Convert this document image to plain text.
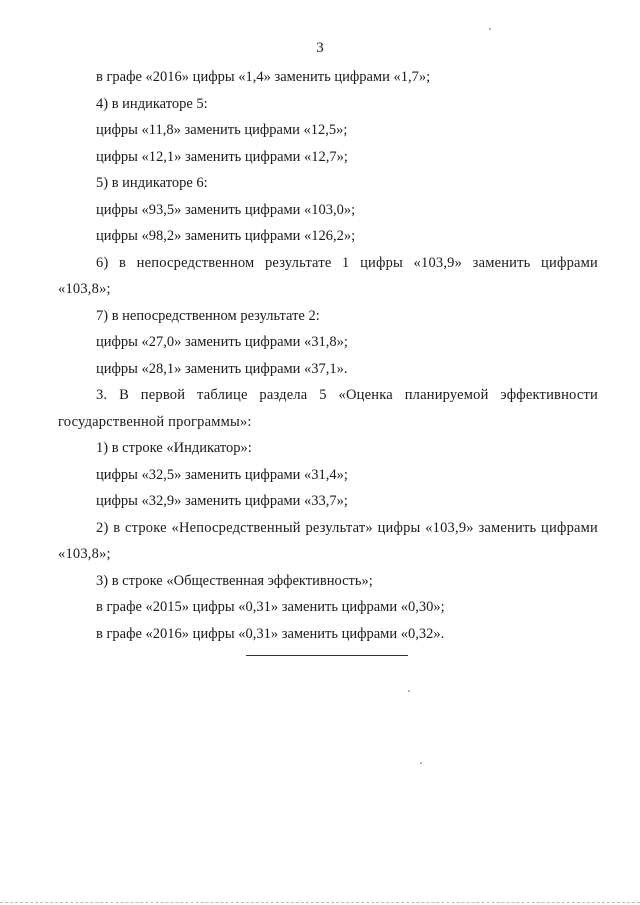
3

в графе «2016» цифры «1,4» заменить цифрами «1,7»;

4) в индикаторе 5:

цифры «11,8» заменить цифрами «12,5»;

цифры «12,1» заменить цифрами «12,7»;

5) в индикаторе 6:

цифры «93,5» заменить цифрами «103,0»;

цифры «98,2» заменить цифрами «126,2»;

6) в непосредственном результате 1 цифры «103,9» заменить цифрами «103,8»;

7) в непосредственном результате 2:

цифры «27,0» заменить цифрами «31,8»;

цифры «28,1» заменить цифрами «37,1».

3. В первой таблице раздела 5 «Оценка планируемой эффективности государственной программы»:

1) в строке «Индикатор»:

цифры «32,5» заменить цифрами «31,4»;

цифры «32,9» заменить цифрами «33,7»;

2) в строке «Непосредственный результат» цифры «103,9» заменить цифрами «103,8»;

3) в строке «Общественная эффективность»;

в графе «2015» цифры «0,31» заменить цифрами «0,30»;

в графе «2016» цифры «0,31» заменить цифрами «0,32».
